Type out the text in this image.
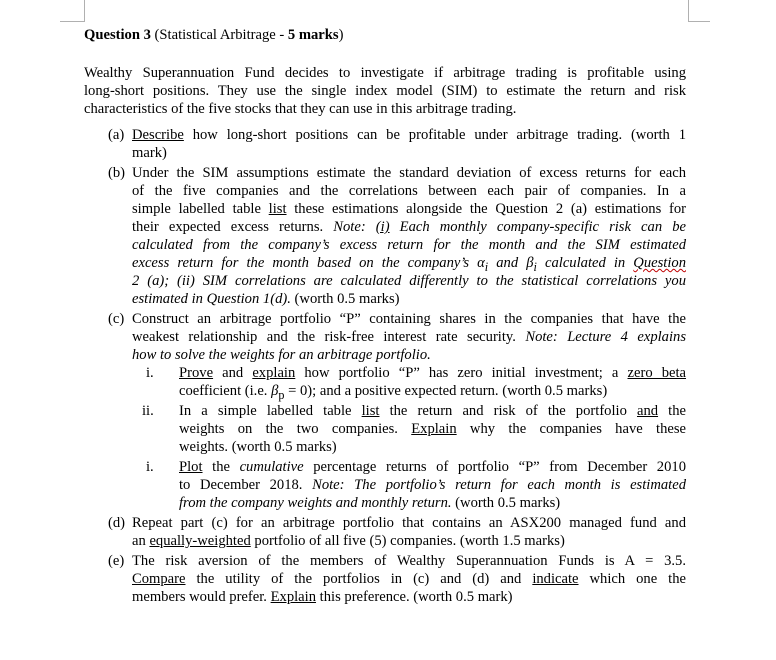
Question 3 (Statistical Arbitrage - 5 marks)
Wealthy Superannuation Fund decides to investigate if arbitrage trading is profitable using
long-short positions. They use the single index model (SIM) to estimate the return and risk
characteristics of the five stocks that they can use in this arbitrage trading.
(a) Describe how long-short positions can be profitable under arbitrage trading. (worth 1
mark)
(b) Under the SIM assumptions estimate the standard deviation of excess returns for each
of the five companies and the correlations between each pair of companies. In a
simple labelled table list these estimations alongside the Question 2 (a) estimations for
their expected excess returns. Note: (i) Each monthly company-specific risk can be
calculated from the company’s excess return for the month and the SIM estimated
excess return for the month based on the company’s $\alpha_i$ and $\beta_i$ calculated in Question
2 (a); (ii) SIM correlations are calculated differently to the statistical correlations you
estimated in Question 1(d). (worth 0.5 marks)
(c) Construct an arbitrage portfolio “P” containing shares in the companies that have the
weakest relationship and the risk-free interest rate security. Note: Lecture 4 explains
how to solve the weights for an arbitrage portfolio.
i. Prove and explain how portfolio “P” has zero initial investment; a zero beta
coefficient (i.e. $\beta_p = 0$); and a positive expected return. (worth 0.5 marks)
ii. In a simple labelled table list the return and risk of the portfolio and the
weights on the two companies. Explain why the companies have these
weights. (worth 0.5 marks)
i. Plot the cumulative percentage returns of portfolio “P” from December 2010
to December 2018. Note: The portfolio’s return for each month is estimated
from the company weights and monthly return. (worth 0.5 marks)
(d) Repeat part (c) for an arbitrage portfolio that contains an ASX200 managed fund and
an equally-weighted portfolio of all five (5) companies. (worth 1.5 marks)
(e) The risk aversion of the members of Wealthy Superannuation Funds is A = 3.5.
Compare the utility of the portfolios in (c) and (d) and indicate which one the
members would prefer. Explain this preference. (worth 0.5 mark)
